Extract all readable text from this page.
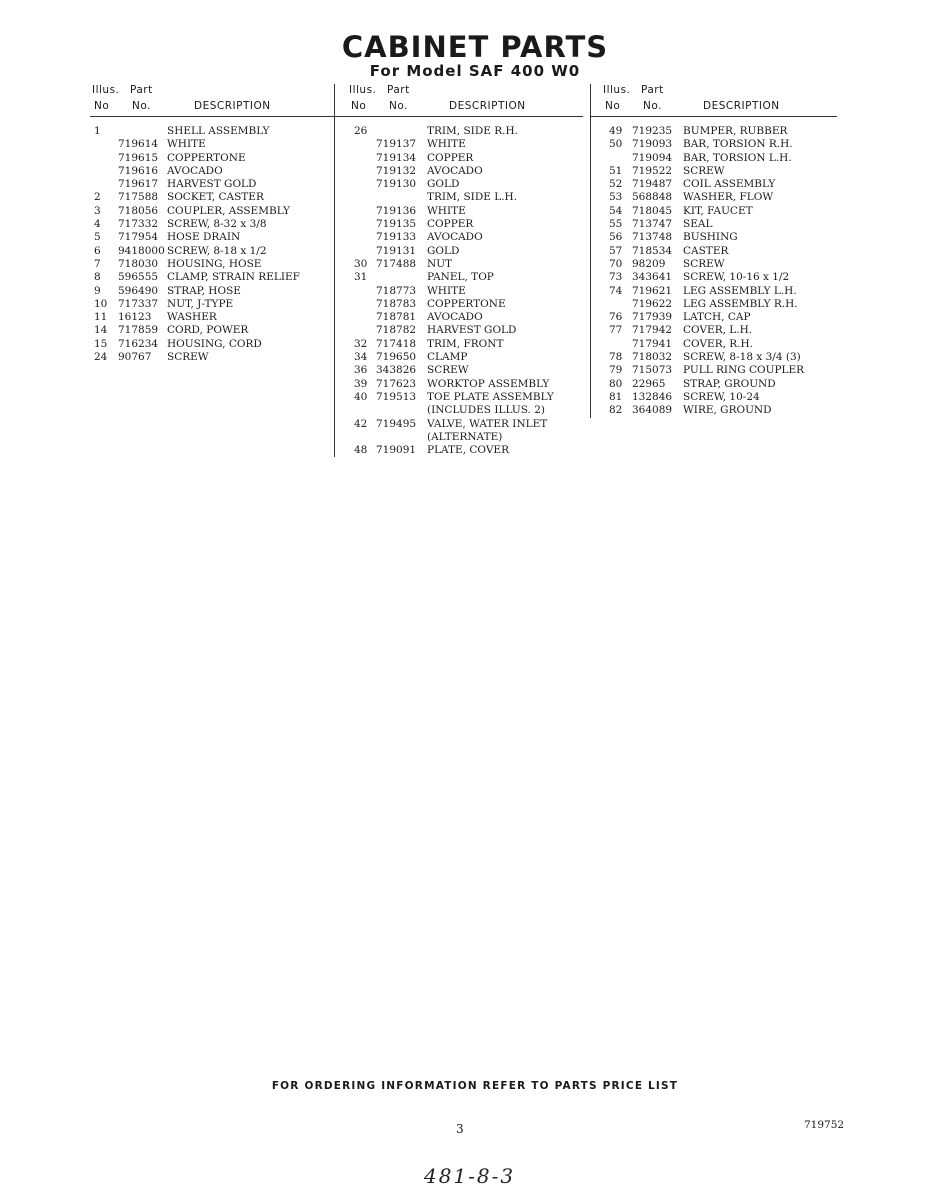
CABINET PARTS
For Model SAF 400 W0
Illus. Part
No No.	DESCRIPTION
1	SHELL ASSEMBLY
719614 WHITE
719615 COPPERTONE
719616 AVOCADO
719617 HARVEST GOLD
2 717588 SOCKET, CASTER
3 718056 COUPLER, ASSEMBLY
4 717332 SCREW, 8-32 x 3/8
5 717954 HOSE DRAIN
6 9418000 SCREW, 8-18 x 1/2
7 718030 HOUSING, HOSE
8 596555 CLAMP, STRAIN RELIEF
9 596490 STRAP, HOSE
10 717337 NUT, J-TYPE
11 16123 WASHER
14 717859 CORD, POWER
15 716234 HOUSING, CORD
24 90767 SCREW
Illus. Part
No No.	DESCRIPTION
26	TRIM, SIDE R.H.
719137 WHITE
719134 COPPER
719132 AVOCADO
719130 GOLD
TRIM, SIDE L.H.
719136 WHITE
719135 COPPER
719133 AVOCADO
719131 GOLD
30 717488 NUT
31	PANEL, TOP
718773 WHITE
718783 COPPERTONE
718781 AVOCADO
718782 HARVEST GOLD
32 717418 TRIM, FRONT
34 719650 CLAMP
36 343826 SCREW
39 717623 WORKTOP ASSEMBLY
40 719513 TOE PLATE ASSEMBLY
(INCLUDES ILLUS. 2)
42 719495 VALVE, WATER INLET
(ALTERNATE)
48 719091 PLATE, COVER
Illus. Part
No No.	DESCRIPTION
49 719235 BUMPER, RUBBER
50 719093 BAR, TORSION R.H.
719094 BAR, TORSION L.H.
51 719522 SCREW
52 719487 COIL ASSEMBLY
53 568848 WASHER, FLOW
54 718045 KIT, FAUCET
55 713747 SEAL
56 713748 BUSHING
57 718534 CASTER
70 98209 SCREW
73 343641 SCREW, 10-16 x 1/2
74 719621 LEG ASSEMBLY L.H.
719622 LEG ASSEMBLY R.H.
76 717939 LATCH, CAP
77 717942 COVER, L.H.
717941 COVER, R.H.
78 718032 SCREW, 8-18 x 3/4 (3)
79 715073 PULL RING COUPLER
80 22965 STRAP, GROUND
81 132846 SCREW, 10-24
82 364089 WIRE, GROUND

FOR ORDERING INFORMATION REFER TO PARTS PRICE LIST

3	719752
481-8-3
